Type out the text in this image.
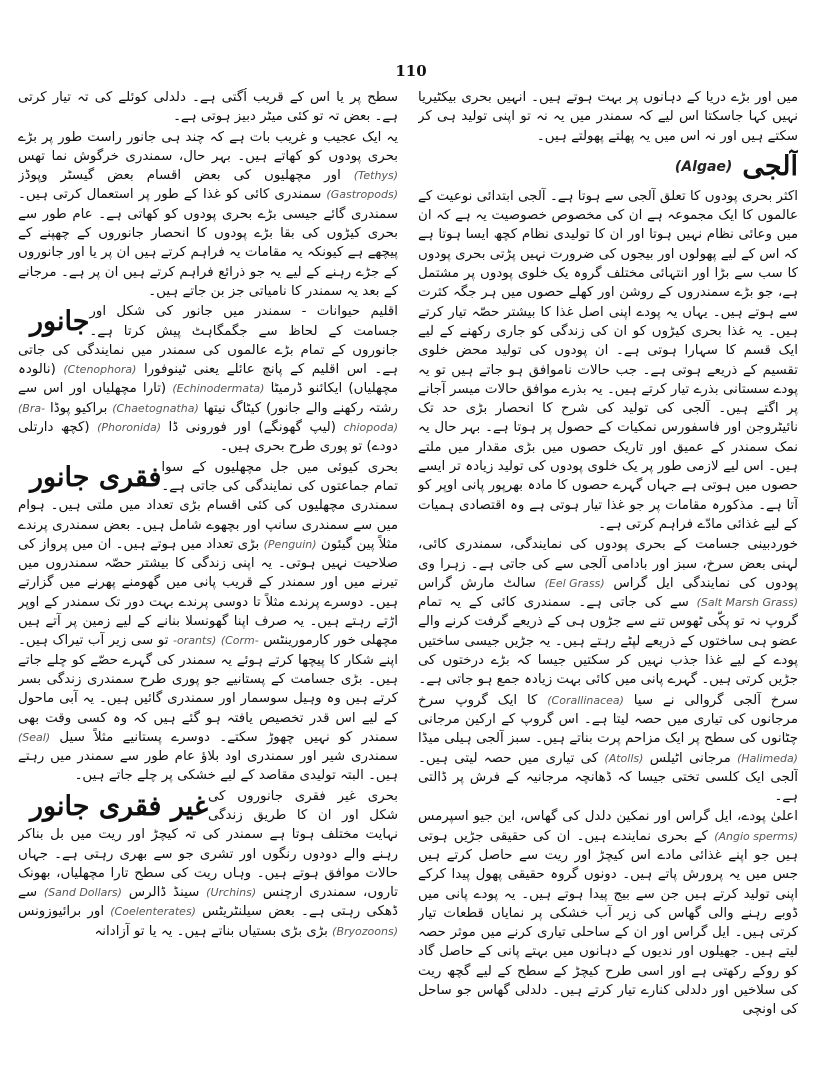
110

میں اور بڑے دریا کے دہانوں پر بہت ہوتے ہیں۔ انہیں بحری بیکٹیریا نہیں کہا جاسکتا اس لیے کہ سمندر میں یہ نہ تو اپنی تولید ہی کر سکتے ہیں اور نہ اس میں یہ پھلتے پھولتے ہیں۔

آلجی
(Algae)

اکثر بحری پودوں کا تعلق آلجی سے ہوتا ہے۔ آلجی ابتدائی نوعیت کے عالموں کا ایک مجموعہ ہے ان کی مخصوص خصوصیت یہ ہے کہ ان میں وعائی نظام نہیں ہوتا اور ان کا تولیدی نظام کچھ ایسا ہوتا ہے کہ اس کے لیے پھولوں اور بیجوں کی ضرورت نہیں پڑتی بحری پودوں کا سب سے بڑا اور انتہائی مختلف گروہ یک خلوی پودوں پر مشتمل ہے، جو بڑے سمندروں کے روشن اور کھلے حصوں میں ہر جگہ کثرت سے ہوتے ہیں۔ یہاں یہ پودے اپنی اصل غذا کا بیشتر حصّہ تیار کرتے ہیں۔ یہ غذا بحری کیڑوں کو ان کی زندگی کو جاری رکھنے کے لیے ایک قسم کا سہارا ہوتی ہے۔ ان پودوں کی تولید محض خلوی تقسیم کے ذریعے ہوتی ہے۔ جب حالات ناموافق ہو جاتے ہیں تو یہ پودے سستانی بذرے تیار کرتے ہیں۔ یہ بذرے موافق حالات میسر آجانے پر اگتے ہیں۔ آلجی کی تولید کی شرح کا انحصار بڑی حد تک نائیٹروجن اور فاسفورس نمکیات کے حصول پر ہوتا ہے۔ بہر حال یہ نمک سمندر کے عمیق اور تاریک حصوں میں بڑی مقدار میں ملتے ہیں۔ اس لیے لازمی طور پر یک خلوی پودوں کی تولید زیادہ تر ایسے حصوں میں ہوتی ہے جہاں گہرے حصوں کا مادہ بھرپور پانی اوپر کو آتا ہے۔ مذکورہ مقامات پر جو غذا تیار ہوتی ہے وہ اقتصادی ہمیات کے لیے غذائی مادّے فراہم کرتی ہے۔

خوردبینی جسامت کے بحری پودوں کی نمایندگی، سمندری کائی، لہنی بعض سرخ، سبز اور بادامی آلجی سے کی جاتی ہے۔ زہرا وی پودوں کی نمایندگی ایل گراس (Eel Grass) سالٹ مارش گراس (Salt Marsh Grass) سے کی جاتی ہے۔ سمندری کائی کے یہ تمام گروپ نہ تو پکّی ٹھوس تنے سے جڑوں ہی کے ذریعے گرفت کرنے والے عضو ہی ساختوں کے ذریعے لپٹے رہتے ہیں۔ یہ جڑیں جیسی ساختیں پودے کے لیے غذا جذب نہیں کر سکتیں جیسا کہ بڑے درختوں کی جڑیں کرتی ہیں۔ گہرے پانی میں کائی بہت زیادہ جمع ہو جاتی ہے۔

سرخ آلجی گروالی نے سیا (Corallinacea) کا ایک گروپ سرخ مرجانوں کی تیاری میں حصہ لیتا ہے۔ اس گروپ کے ارکین مرجانی چٹانوں کی سطح پر ایک مزاحم پرت بناتے ہیں۔ سبز آلجی ہیلی میڈا (Halimeda) مرجانی اٹیلس (Atolls) کی تیاری میں حصہ لیتی ہیں۔ آلجی ایک کلسی تختی جیسا کہ ڈھانچہ مرجانیہ کے فرش پر ڈالتی ہے۔

اعلیٰ پودے، ایل گراس اور نمکین دلدل کی گھاس، این جیو اسپرمس (Angio sperms) کے بحری نمایندے ہیں۔ ان کی حقیقی جڑیں ہوتی ہیں جو اپنے غذائی مادے اس کیچڑ اور ریت سے حاصل کرتے ہیں جس میں یہ پرورش پاتے ہیں۔ دونوں گروہ حقیقی پھول پیدا کرکے اپنی تولید کرتے ہیں جن سے بیج پیدا ہوتے ہیں۔ یہ پودے پانی میں ڈوبے رہنے والی گھاس کی زیر آب خشکی پر نمایاں قطعات تیار کرتی ہیں۔ ایل گراس اور ان کے ساحلی تیاری کرنے میں موثر حصہ لیتے ہیں۔ جھیلوں اور ندیوں کے دہانوں میں بہتے پانی کے حاصل گاد کو روکے رکھتی ہے اور اسی طرح کیچڑ کے سطح کے لیے گچھ ریت کی سلاخیں اور دلدلی کنارے تیار کرتے ہیں۔ دلدلی گھاس جو ساحل کی اونچی

سطح پر یا اس کے قریب اُگتی ہے۔ دلدلی کوئلے کی تہ تیار کرتی ہے۔ بعض تہ تو کئی میٹر دبیز ہوتی ہے۔

یہ ایک عجیب و غریب بات ہے کہ چند ہی جانور راست طور پر بڑے بحری پودوں کو کھاتے ہیں۔ بہر حال، سمندری خرگوش نما تھس (Tethys) اور مچھلیوں کی بعض اقسام بعض گیسٹر وپوڈز (Gastropods) سمندری کائی کو غذا کے طور پر استعمال کرتی ہیں۔ سمندری گائے جیسی بڑے بحری پودوں کو کھاتی ہے۔ عام طور سے بحری کیڑوں کی بقا بڑے پودوں کا انحصار جانوروں کے چھپنے کے پیچھے ہے کیونکہ یہ مقامات یہ فراہم کرتے ہیں ان پر یا اور جانوروں کے جڑے رہنے کے لیے یہ جو ذرائع فراہم کرتے ہیں ان پر ہے۔ مرجانے کے بعد یہ سمندر کا نامیاتی جز بن جاتے ہیں۔

جانور اقلیم حیوانات - سمندر میں جانور کی شکل اور جسامت کے لحاظ سے جگمگاہٹ پیش کرتا ہے۔ جانوروں کے تمام بڑے عالموں کی سمندر میں نمایندگی کی جاتی ہے۔ اس اقلیم کے پانچ عائلے یعنی ٹینوفورا (Ctenophora) (نالودہ مچھلیاں) ایکائنو ڈرمیٹا (Echinodermata) (تارا مچھلیاں اور اس سے رشتہ رکھنے والے جانور) کیٹاگ نیتھا (Chaetognatha) براکیو پوڈا (Bra- chiopoda) (لیپ گھونگے) اور فورونی ڈا (Phoronida) (کچھ دارتلی دودے) تو پوری طرح بحری ہیں۔

فقری جانور بحری کیوئی میں جل مچھلیوں کے سوا تمام جماعتوں کی نمایندگی کی جاتی ہے۔ سمندری مچھلیوں کی کئی اقسام بڑی تعداد میں ملتی ہیں۔ ہوام میں سے سمندری سانپ اور بچھوے شامل ہیں۔ بعض سمندری پرندے مثلاً پین گیئون (Penguin) بڑی تعداد میں ہوتے ہیں۔ ان میں پرواز کی صلاحیت نہیں ہوتی۔ یہ اپنی زندگی کا بیشتر حصّہ سمندروں میں تیرنے میں اور سمندر کے قریب پانی میں گھومنے پھرنے میں گزارتے ہیں۔ دوسرے پرندے مثلاً تا دوسی پرندے بہت دور تک سمندر کے اوپر اڑتے رہتے ہیں۔ یہ صرف اپنا گھونسلا بنانے کے لیے زمین پر آتے ہیں مچھلی خور کارمورینٹس (Corm- -orants) تو سی زیر آب تیراک ہیں۔ اپنے شکار کا پیچھا کرتے ہوئے یہ سمندر کی گہرے حصّے کو چلے جاتے ہیں۔ بڑی جسامت کے پستانیے جو پوری طرح سمندری زندگی بسر کرتے ہیں وہ وہیل سوسمار اور سمندری گائیں ہیں۔ یہ آبی ماحول کے لیے اس قدر تخصیص یافتہ ہو گئے ہیں کہ وہ کسی وقت بھی سمندر کو نہیں چھوڑ سکتے۔ دوسرے پستانیے مثلاً سیل (Seal) سمندری شیر اور سمندری اود بلاؤ عام طور سے سمندر میں رہتے ہیں۔ البتہ تولیدی مقاصد کے لیے خشکی پر چلے جاتے ہیں۔

غیر فقری جانور بحری غیر فقری جانوروں کی شکل اور ان کا طریق زندگی نہایت مختلف ہوتا ہے سمندر کی تہ کیچڑ اور ریت میں بل بناکر رہنے والے دودوں رنگوں اور تشری جو سے بھری رہتی ہے۔ جہاں حالات موافق ہوتے ہیں۔ وہاں ریت کی سطح تارا مچھلیاں، بھونک تاروں، سمندری ارچنس (Urchins) سینڈ ڈالرس (Sand Dollars) سے ڈھکی رہتی ہے۔ بعض سیلنٹریٹس (Coelenterates) اور برائیوزونس (Bryozoons) بڑی بڑی بستیاں بناتے ہیں۔ یہ یا تو آزادانہ
